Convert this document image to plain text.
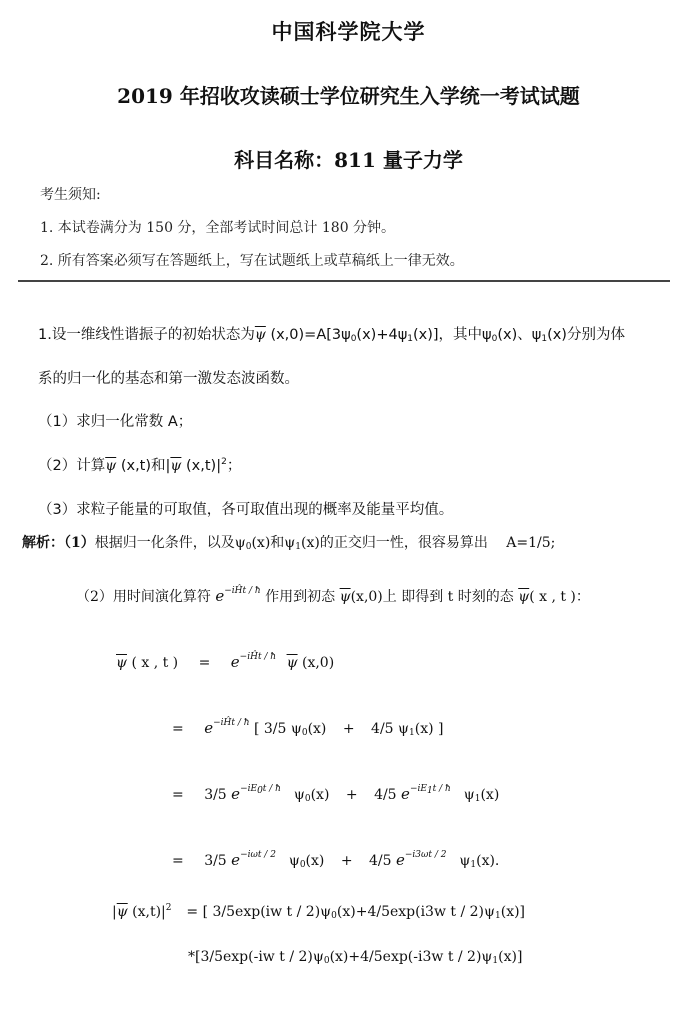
中国科学院大学
2019 年招收攻读硕士学位研究生入学统一考试试题
科目名称：811 量子力学
考生须知:
1. 本试卷满分为 150 分，全部考试时间总计 180 分钟。
2. 所有答案必须写在答题纸上，写在试题纸上或草稿纸上一律无效。
1.设一维线性谐振子的初始状态为$\overline{\psi}$ $(x,0)=A[3\psi_0(x)+4\psi_1(x)]$，其中$\psi_0(x)$、$\psi_1(x)$分别为体
系的归一化的基态和第一激发态波函数。
（1）求归一化常数 A；
（2）计算$\overline{\psi}$ (x,t)和$|\overline{\psi}$ $(x,t)|^2$；
（3）求粒子能量的可取值，各可取值出现的概率及能量平均值。
解析：（1）根据归一化条件，以及$\psi_0(x)$和$\psi_1(x)$的正交归一性，很容易算出 A=1/5;
（2）用时间演化算符 $e^{-iĤt / ħ}$ 作用到初态 $\overline{\psi}(x,0)$上 即得到 t 时刻的态 $\overline{\psi}$( x , t )：
$\overline{\psi}$ ( x , t ) = $e^{-iĤt / ħ}$ $\overline{\psi}$ (x,0)
= $e^{-iĤt / ħ}$ [ 3/5 $\psi_0(x) + 4/5$ $\psi_1(x)$ ]
= 3/5 $e^{-iE_0t / ħ}$ $\psi_0(x) + 4/5$ $e^{-iE_1t / ħ}$ $\psi_1(x)$
= 3/5 $e^{-i\omega t / 2}$ $\psi_0(x) + 4/5$ $e^{-i3\omega t / 2}$ $\psi_1(x)$.
$|\overline{\psi}$ $(x,t)|^2$ = [ 3/5exp(iw $t / 2)\psi_0(x)+4/5\exp(i3w$ t / $2)\psi_1(x)$]
*[3/5exp(-iw $t / 2)\psi_0(x)+4/5\exp(-i3w$ t / $2)\psi_1(x)$]
